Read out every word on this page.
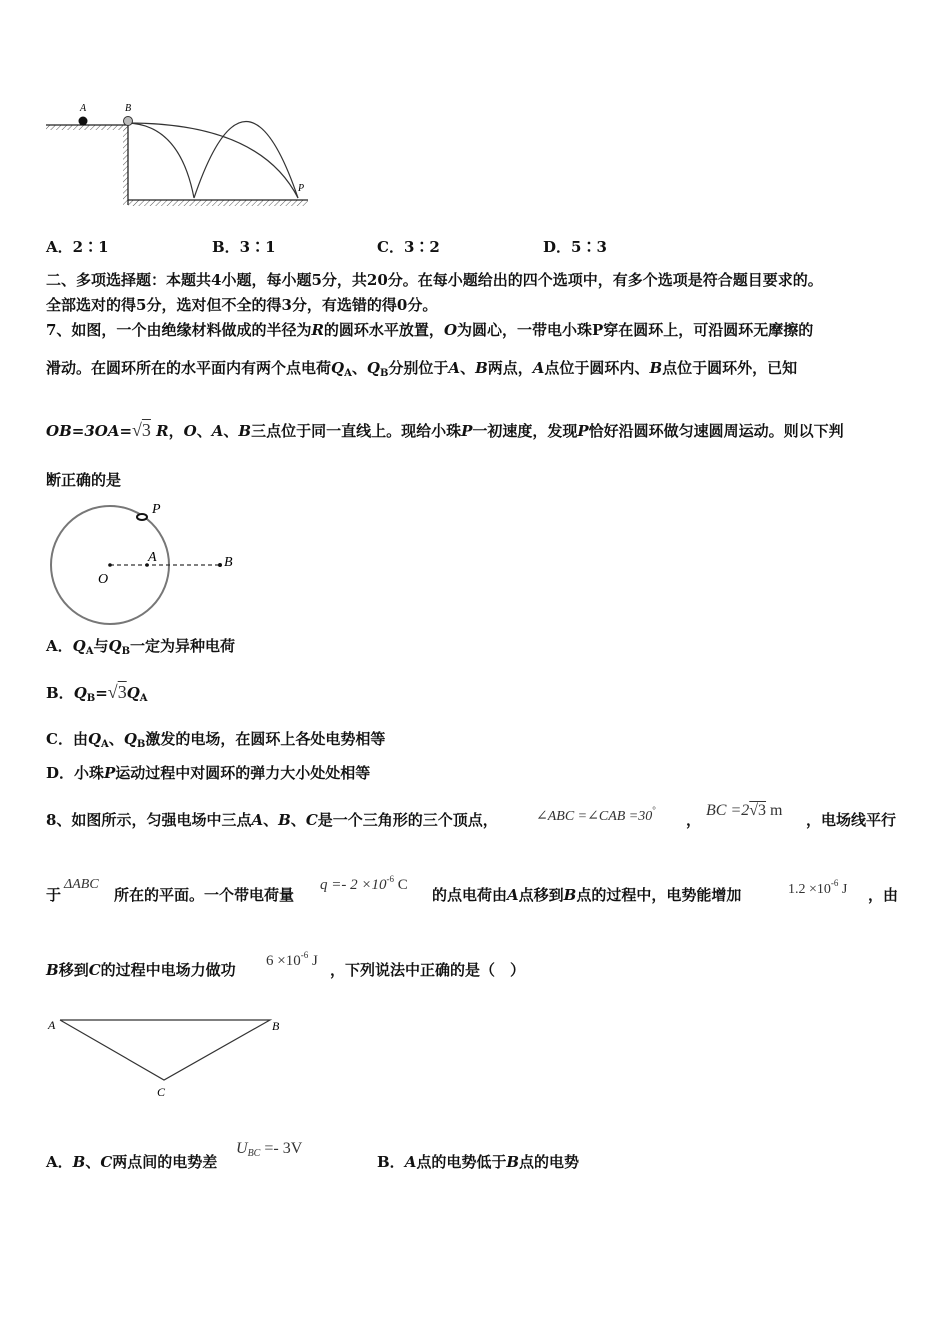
A	B
P
A．2∶1	B．3∶1	C．3∶2	D．5∶3
二、多项选择题：本题共4小题，每小题5分，共20分。在每小题给出的四个选项中，有多个选项是符合题目要求的。
全部选对的得5分，选对但不全的得3分，有选错的得0分。
7、如图，一个由绝缘材料做成的半径为R的圆环水平放置，O为圆心，一带电小珠P穿在圆环上，可沿圆环无摩擦的
滑动。在圆环所在的水平面内有两个点电荷$Q_A$、$Q_B$分别位于A、B两点，A点位于圆环内、B点位于圆环外，已知
OB=3OA=√3 R，O、A、B三点位于同一直线上。现给小珠P一初速度，发现P恰好沿圆环做匀速圆周运动。则以下判
断正确的是
P
A	B
O
A．$Q_A$与$Q_B$一定为异种电荷
B．$Q_B=√3Q_A$
C．由$Q_A$、$Q_B$激发的电场，在圆环上各处电势相等
D．小珠P运动过程中对圆环的弹力大小处处相等
8、如图所示，匀强电场中三点A、B、C是一个三角形的三个顶点，	∠ABC =∠CAB =30°
，
BC =2√3 m
，电场线平行
于
ΔABC
所在的平面。一个带电荷量
$q =- 2 \times 10^{-6}$ C
的点电荷由A点移到B点的过程中，电势能增加	$1.2 \times 10^{-6}$ J ，由
B移到C的过程中电场力做功 $6 \times 10^{-6}$ J ，下列说法中正确的是（　）
A	B
C
A．B、C两点间的电势差
$U_{BC} =- 3V$
B．A点的电势低于B点的电势
